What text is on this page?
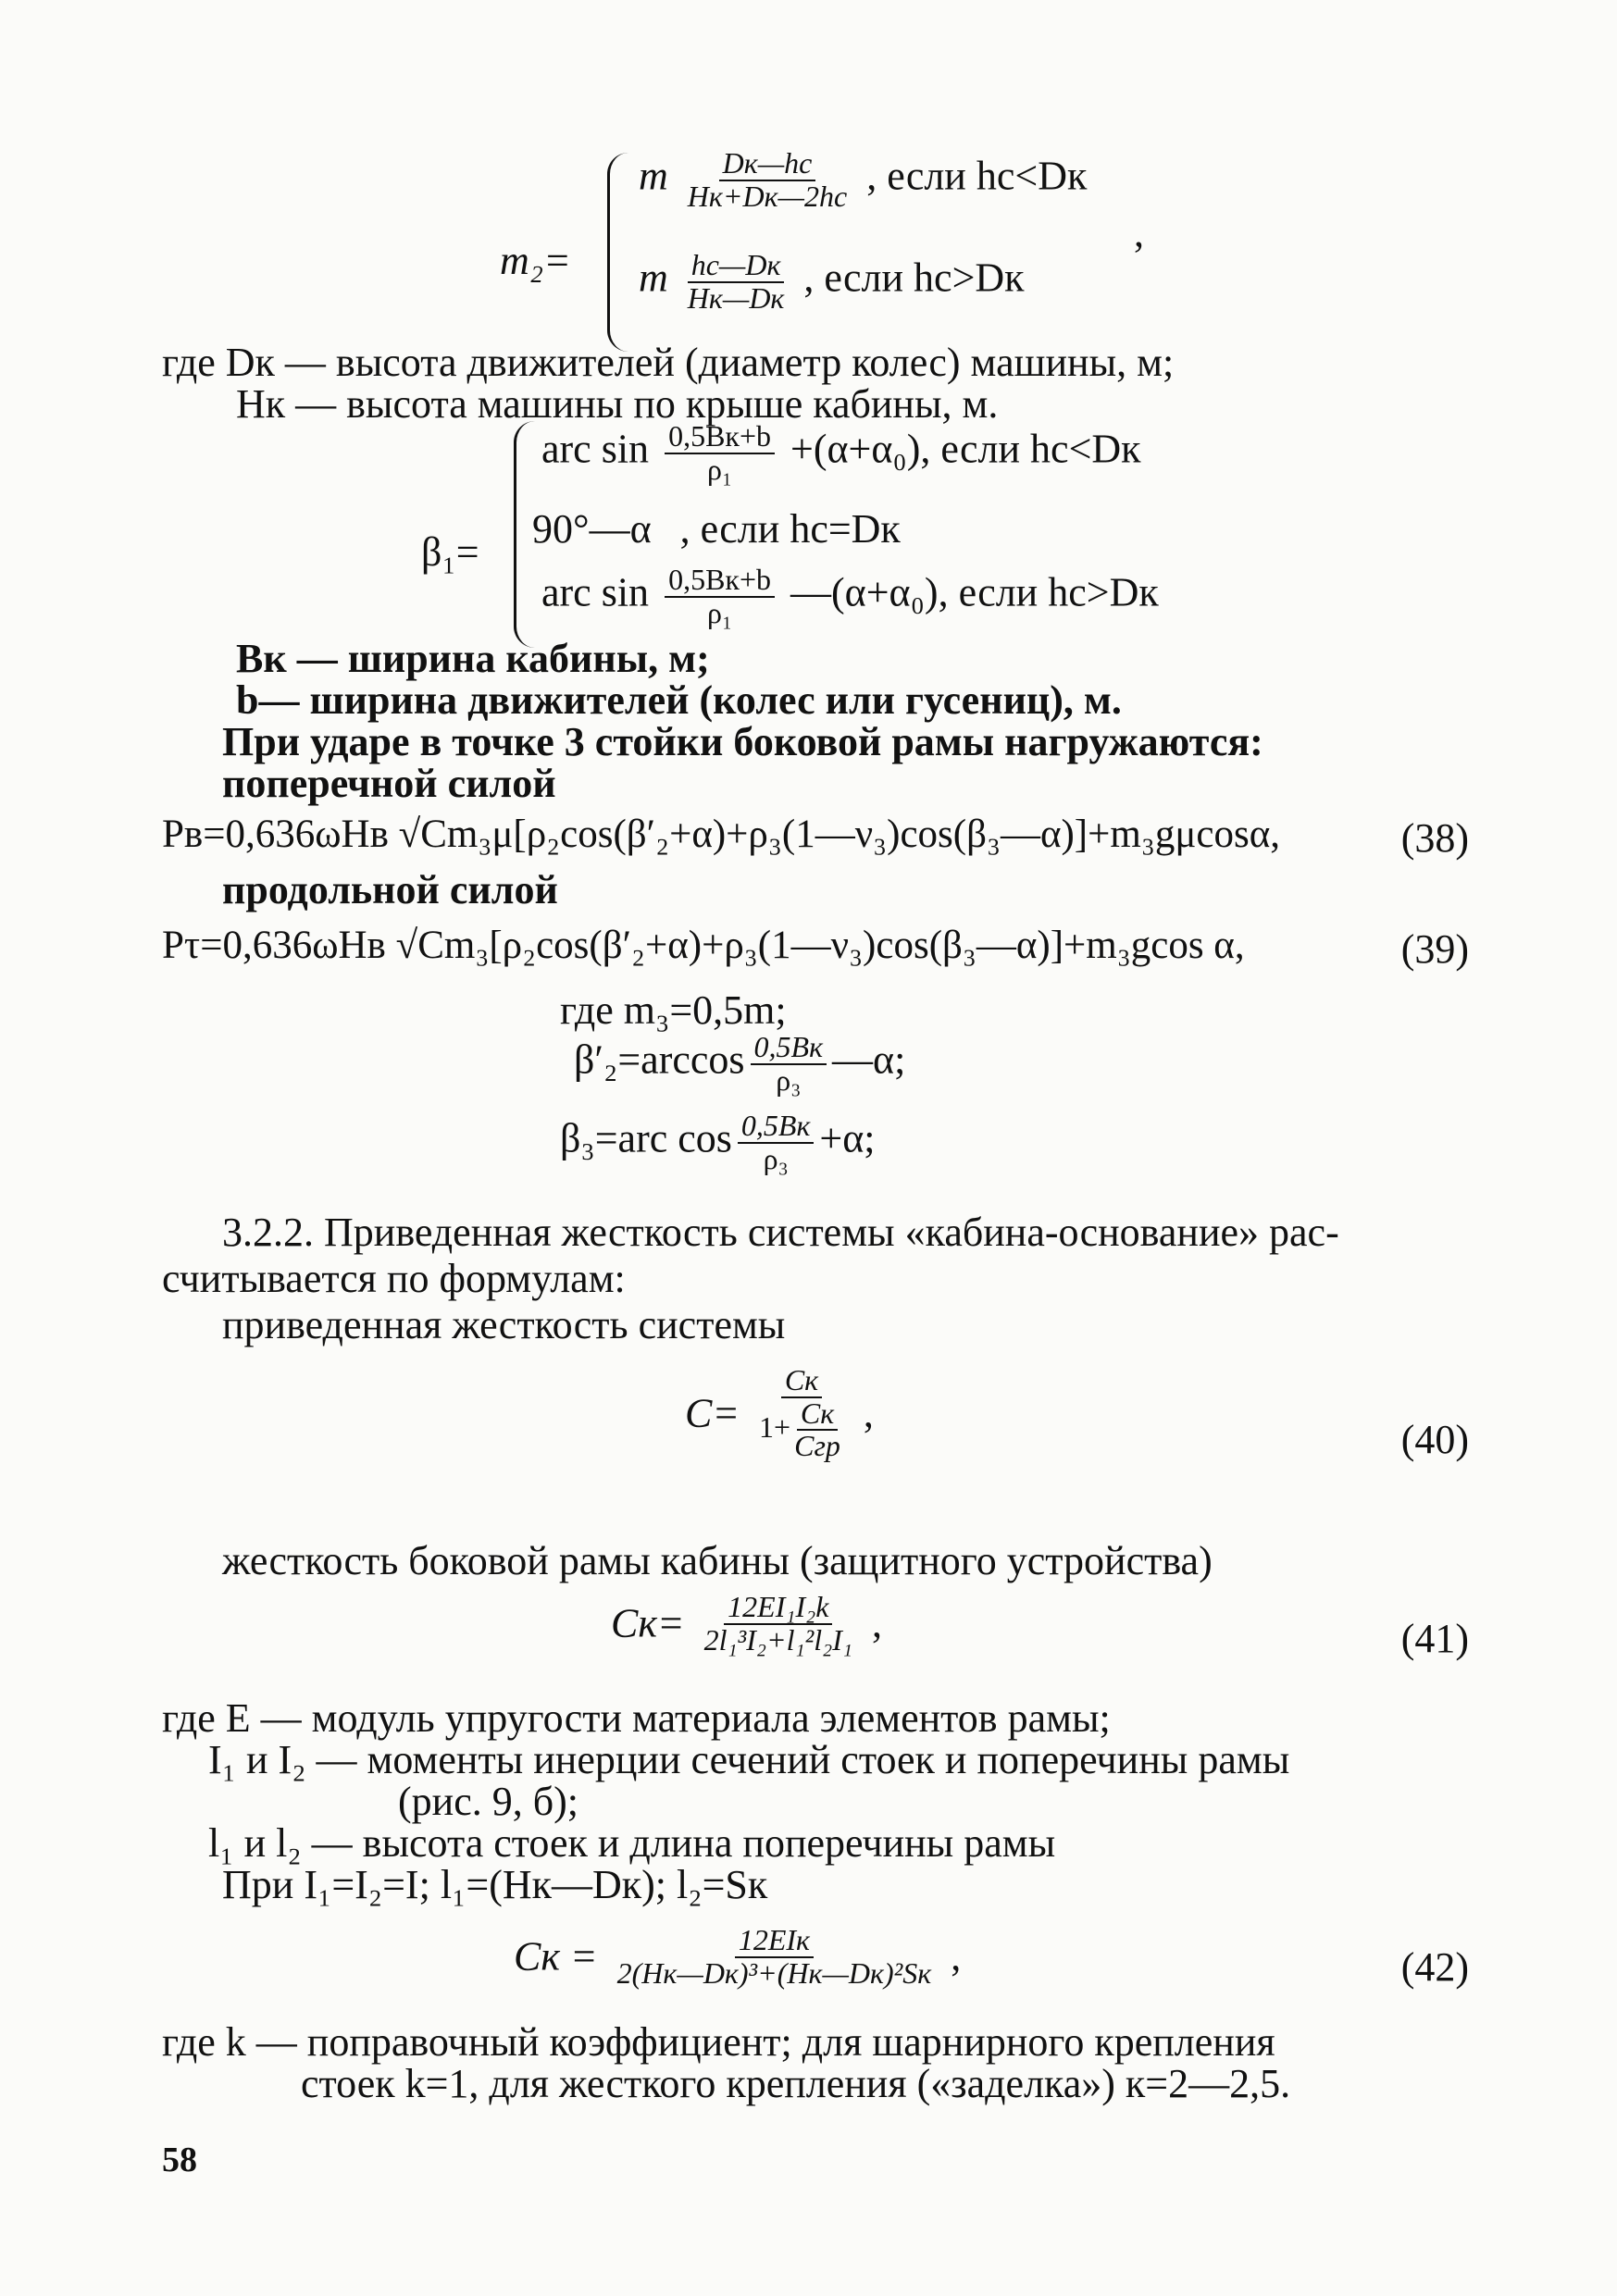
m₂=
m $\frac{Dк—hс}{Hк+Dк—2hс}$ , если hс<Dк
m $\frac{hс—Dк}{Hк—Dк}$ , если hс>Dк
,
где Dк — высота движителей (диаметр колес) машины, м;
Hк — высота машины по крыше кабины, м.
β₁=
arc $\sin \frac{0,5Bк+b}{\text{ρ₁}} +(\alpha+\alpha_0)$, если hс<Dк
90°—α , если hс=Dк
arc $\sin \frac{0,5Bк+b}{\text{ρ₁}}$ —(α+α₀), если hс>Dк
Bк — ширина кабины, м;
b— ширина движителей (колес или гусениц), м.
При ударе в точке 3 стойки боковой рамы нагружаются:
поперечной силой
Pв=0,636ωНв √Cm₃μ[ρ₂cos(β′₂+α)+ρ₃(1—ν₃)cos(β₃—α)]+m₃gμcosα,	(38)
продольной силой
Pτ=0,636ωНв √Cm₃[ρ₂cos(β′₂+α)+ρ₃(1—ν₃)cos(β₃—α)]+m₃gcos α,	(39)
где m₃=0,5m;
$\beta'_2=\arccos \frac{0,5Bк}{\text{ρ₃}}$ —α;
β₃=arc $\cos \frac{0,5Bк}{\text{ρ₃}} +\alpha$;
3.2.2. Приведенная жесткость системы «кабина-основание» рас-
считывается по формулам:
приведенная жесткость системы
$C= \frac{Cк}{1+ \frac{Cк}{\text{Cгр}}}$ ,
(40)
жесткость боковой рамы кабины (защитного устройства)
$Cк= \frac{\text{12EI₁I₂k}}{\text{2l₁³I₂+l₁²l₂I₁}}$ ,	(41)
где E — модуль упругости материала элементов рамы;
I₁ и I₂ — моменты инерции сечений стоек и поперечины рамы
(рис. 9, б);
l₁ и l₂ — высота стоек и длина поперечины рамы
При I₁=I₂=I; l₁=(Hк—Dк); l₂=Sк
Cк = $\frac{\text{12EIк}}{\text{2(Hк—Dк)³+(Hк—Dк)²Sк}}$ ,	(42)
где k — поправочный коэффициент; для шарнирного крепления
стоек k=1, для жесткого крепления («заделка») к=2—2,5.
58
